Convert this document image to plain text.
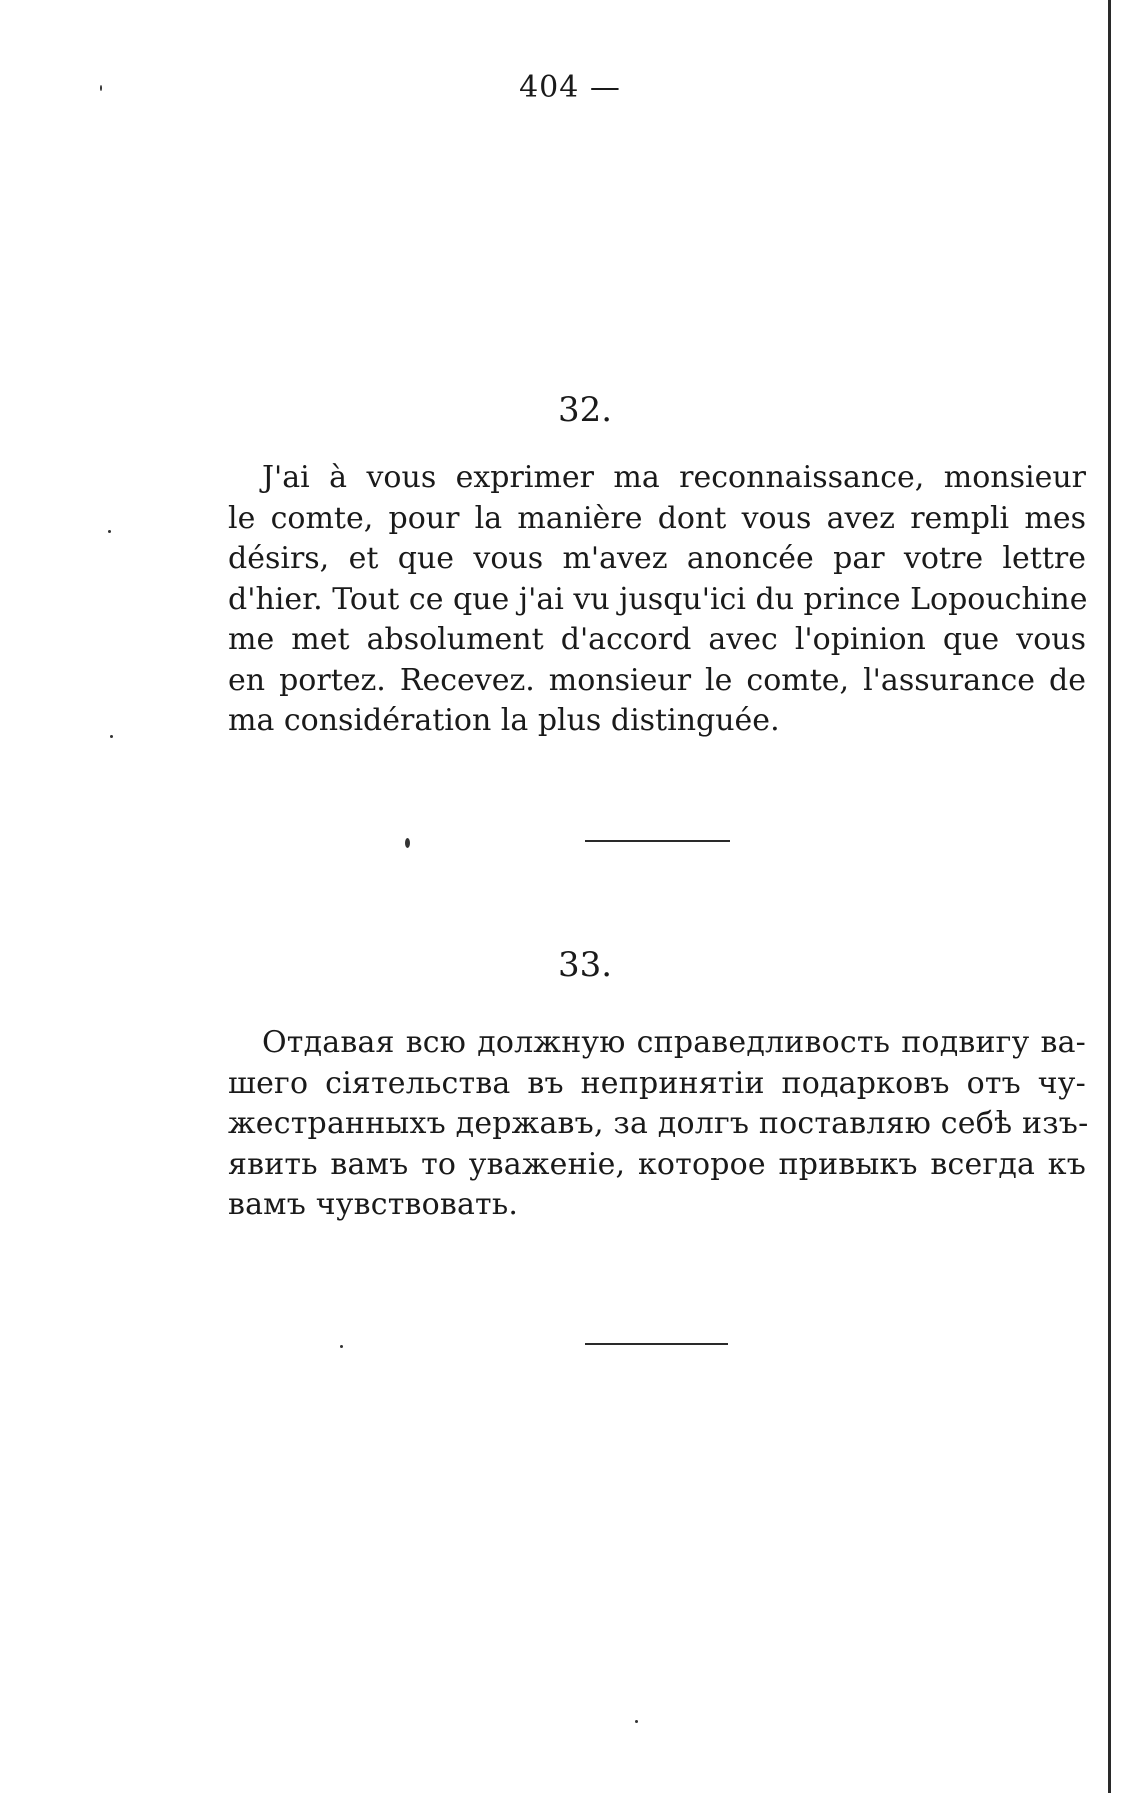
404 —
32.
J'ai à vous exprimer ma reconnaissance, monsieur
le comte, pour la manière dont vous avez rempli mes
désirs, et que vous m'avez anoncée par votre lettre
d'hier. Tout ce que j'ai vu jusqu'ici du prince Lopouchine
me met absolument d'accord avec l'opinion que vous
en portez. Recevez. monsieur le comte, l'assurance de
ma considération la plus distinguée.
33.
Отдавая всю должную справедливость подвигу ва-
шего сіятельства въ непринятіи подарковъ отъ чу-
жестранныхъ державъ, за долгъ поставляю себѣ изъ-
явить вамъ то уваженіе, которое привыкъ всегда къ
вамъ чувствовать.
